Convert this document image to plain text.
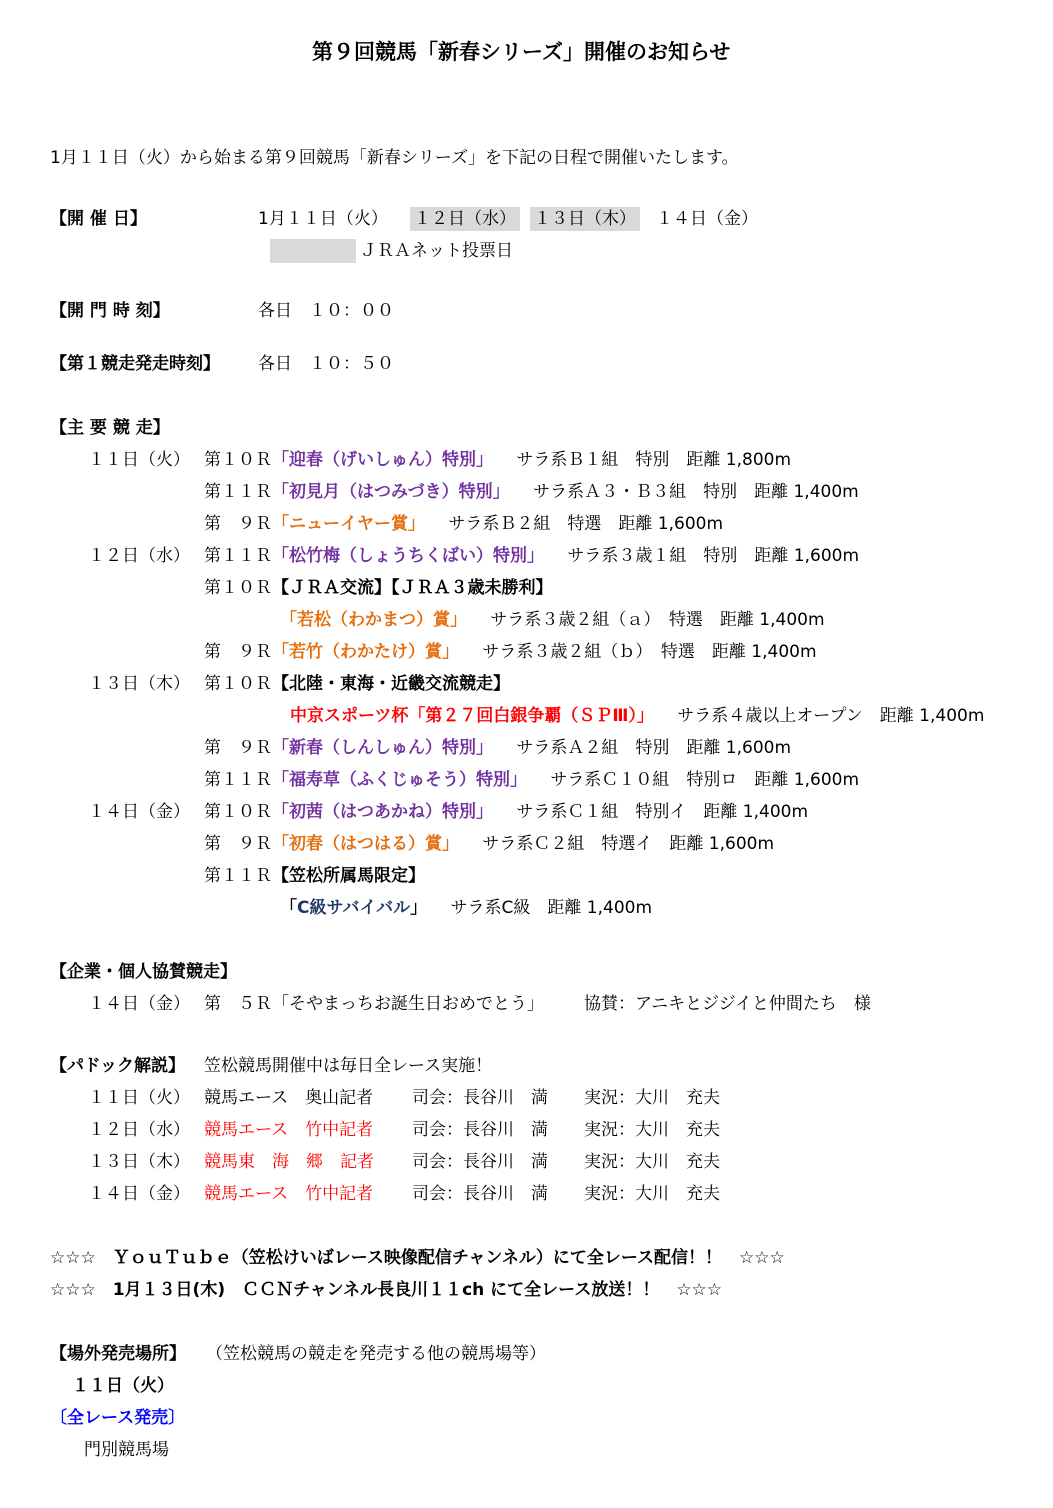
第９回競馬「新春シリーズ」開催のお知らせ
1月１１日（火）から始まる第９回競馬「新春シリーズ」を下記の日程で開催いたします。
【開 催 日】	1月１１日（火） １２日（水） １３日（木） １４日（金）
ＪＲＡネット投票日
【開 門 時 刻】	各日　１０：００
【第１競走発走時刻】 各日　１０：５０
【主 要 競 走】
１１日（火） 第１０Ｒ「迎春（げいしゅん）特別」 サラ系Ｂ１組　特別　距離 1,800m
第１１Ｒ「初見月（はつみづき）特別」 サラ系Ａ３・Ｂ３組　特別　距離 1,400m
第　９Ｒ「ニューイヤー賞」 サラ系Ｂ２組　特選　距離 1,600m
１２日（水） 第１１Ｒ「松竹梅（しょうちくばい）特別」 サラ系３歳１組　特別　距離 1,600m
第１０Ｒ【ＪＲＡ交流】【ＪＲＡ３歳未勝利】
「若松（わかまつ）賞」 サラ系３歳２組（ａ）　特選　距離 1,400m
第　９Ｒ「若竹（わかたけ）賞」 サラ系３歳２組（ｂ）　特選　距離 1,400m
１３日（木） 第１０Ｒ【北陸・東海・近畿交流競走】
中京スポーツ杯「第２７回白銀争覇（ＳＰⅢ）」 サラ系４歳以上オープン　距離 1,400m
第　９Ｒ「新春（しんしゅん）特別」 サラ系Ａ２組　特別　距離 1,600m
第１１Ｒ「福寿草（ふくじゅそう）特別」 サラ系Ｃ１０組　特別ロ　距離 1,600m
１４日（金） 第１０Ｒ「初茜（はつあかね）特別」 サラ系Ｃ１組　特別イ　距離 1,400m
第　９Ｒ「初春（はつはる）賞」 サラ系Ｃ２組　特選イ　距離 1,600m
第１１Ｒ【笠松所属馬限定】
「C級サバイバル」 サラ系C級　距離 1,400m
【企業・個人協賛競走】
１４日（金） 第　５Ｒ「そやまっちお誕生日おめでとう」 協賛：アニキとジジイと仲間たち　様
【パドック解説】 笠松競馬開催中は毎日全レース実施！
１１日（火） 競馬エース　奥山記者 司会：長谷川　満 実況：大川　充夫
１２日（水） 競馬エース　竹中記者 司会：長谷川　満 実況：大川　充夫
１３日（木） 競馬東　海　郷　記者 司会：長谷川　満 実況：大川　充夫
１４日（金） 競馬エース　竹中記者 司会：長谷川　満 実況：大川　充夫
☆☆☆　ＹｏｕＴｕｂｅ（笠松けいばレース映像配信チャンネル）にて全レース配信！！　☆☆☆
☆☆☆　1月１３日(木)　ＣＣＮチャンネル長良川１１ch にて全レース放送！！　☆☆☆
【場外発売場所】 （笠松競馬の競走を発売する他の競馬場等）
１１日（火）
〔全レース発売〕
門別競馬場
